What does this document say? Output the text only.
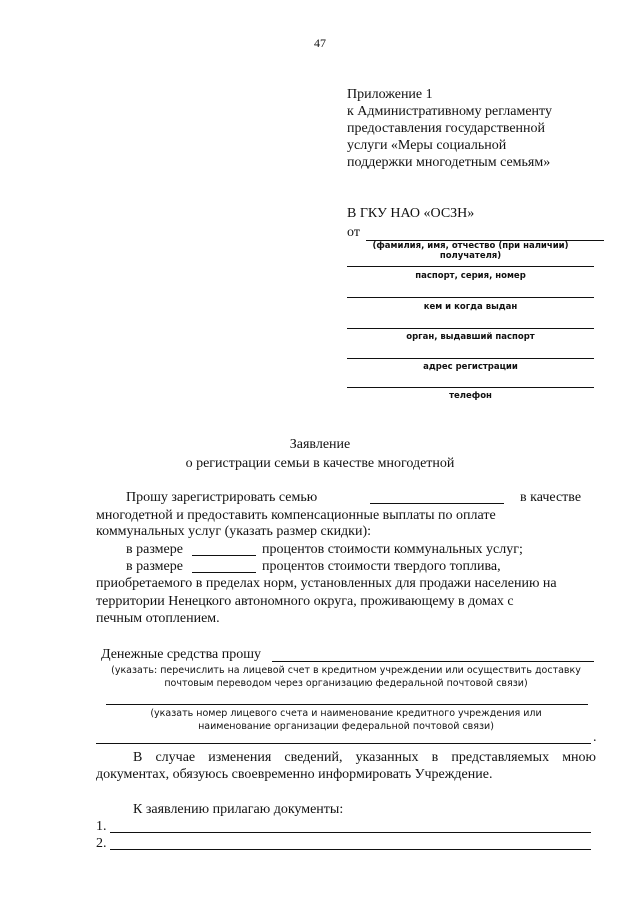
47
Приложение 1
к Административному регламенту
предоставления государственной
услуги «Меры социальной
поддержки многодетным семьям»
В ГКУ НАО «ОСЗН»
от
(фамилия, имя, отчество (при наличии) получателя)
паспорт, серия, номер
кем и когда выдан
орган, выдавший паспорт
адрес регистрации
телефон
Заявление
о регистрации семьи в качестве многодетной
Прошу зарегистрировать семью	в качестве
многодетной и предоставить компенсационные выплаты по оплате
коммунальных услуг (указать размер скидки):
в размере	процентов стоимости коммунальных услуг;
в размере	процентов стоимости твердого топлива,
приобретаемого в пределах норм, установленных для продажи населению на
территории Ненецкого автономного округа, проживающему в домах с
печным отоплением.
Денежные средства прошу
(указать: перечислить на лицевой счет в кредитном учреждении или осуществить доставку
почтовым переводом через организацию федеральной почтовой связи)
(указать номер лицевого счета и наименование кредитного учреждения или
наименование организации федеральной почтовой связи)
.
В случае изменения сведений, указанных в представляемых мною
документах, обязуюсь своевременно информировать Учреждение.
К заявлению прилагаю документы:
1.
2.
